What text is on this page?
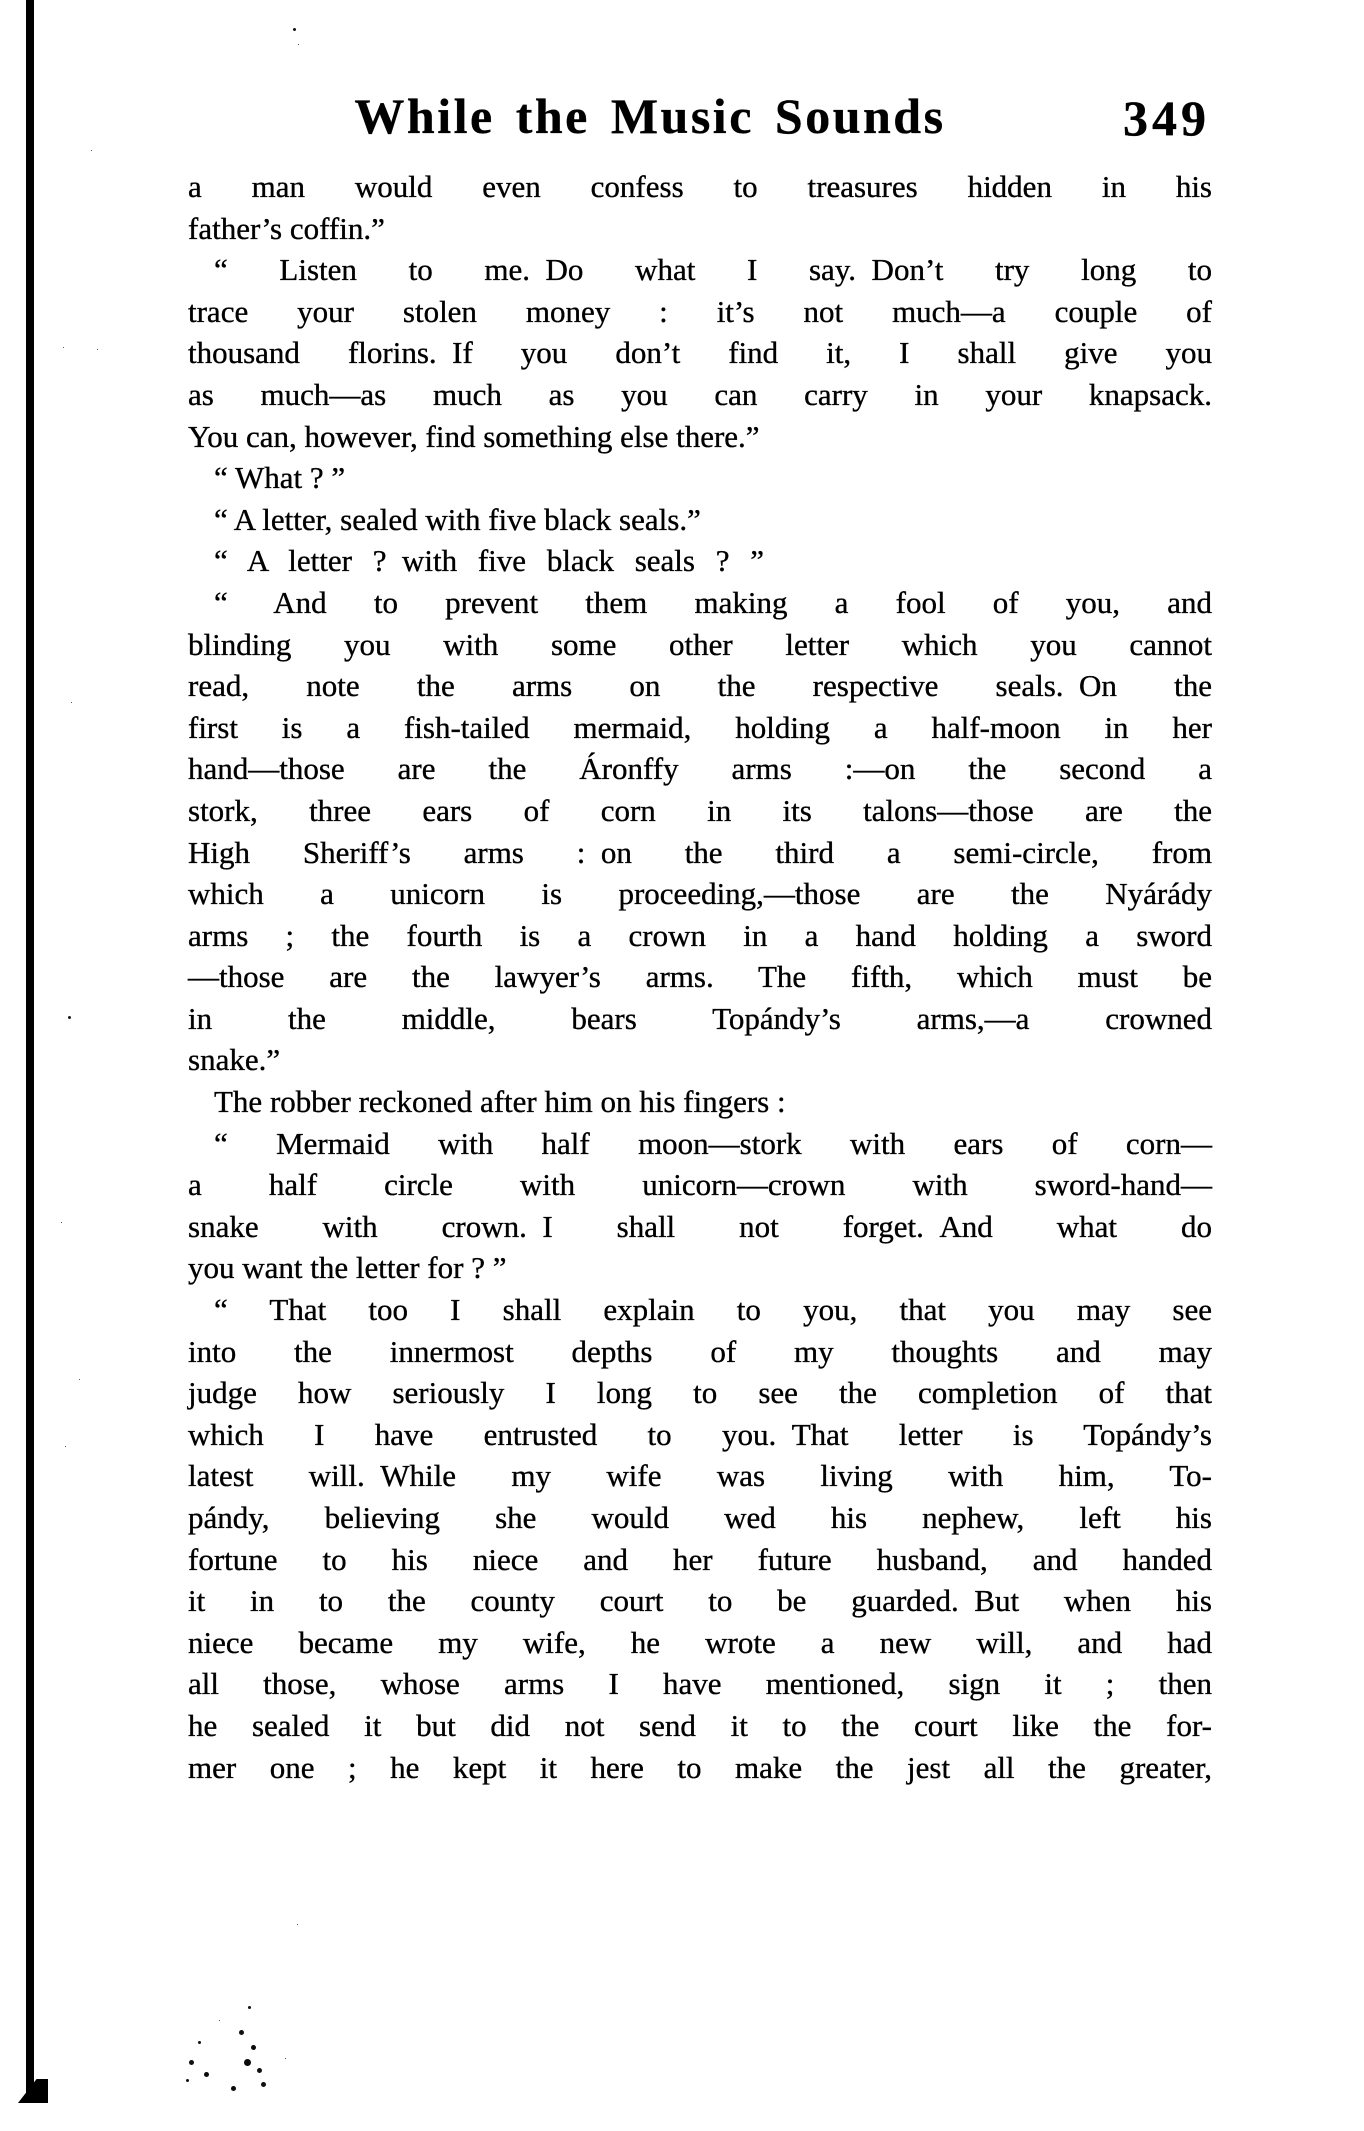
While the Music Sounds	349
a man would even confess to treasures hidden in his
father’s coffin.”
“ Listen to me. Do what I say. Don’t try long to
trace your stolen money : it’s not much—a couple of
thousand florins. If you don’t find it, I shall give you
as much—as much as you can carry in your knapsack.
You can, however, find something else there.”
“ What ? ”
“ A letter, sealed with five black seals.”
“ A letter ? with five black seals ? ”
“ And to prevent them making a fool of you, and
blinding you with some other letter which you cannot
read, note the arms on the respective seals. On the
first is a fish-tailed mermaid, holding a half-moon in her
hand—those are the Áronffy arms :—on the second a
stork, three ears of corn in its talons—those are the
High Sheriff’s arms : on the third a semi-circle, from
which a unicorn is proceeding,—those are the Nyárády
arms ; the fourth is a crown in a hand holding a sword
—those are the lawyer’s arms. The fifth, which must be
in the middle, bears Topándy’s arms,—a crowned
snake.”
The robber reckoned after him on his fingers :
“ Mermaid with half moon—stork with ears of corn—
a half circle with unicorn—crown with sword-hand—
snake with crown. I shall not forget. And what do
you want the letter for ? ”
“ That too I shall explain to you, that you may see
into the innermost depths of my thoughts and may
judge how seriously I long to see the completion of that
which I have entrusted to you. That letter is Topándy’s
latest will. While my wife was living with him, To-
pándy, believing she would wed his nephew, left his
fortune to his niece and her future husband, and handed
it in to the county court to be guarded. But when his
niece became my wife, he wrote a new will, and had
all those, whose arms I have mentioned, sign it ; then
he sealed it but did not send it to the court like the for-
mer one ; he kept it here to make the jest all the greater,
